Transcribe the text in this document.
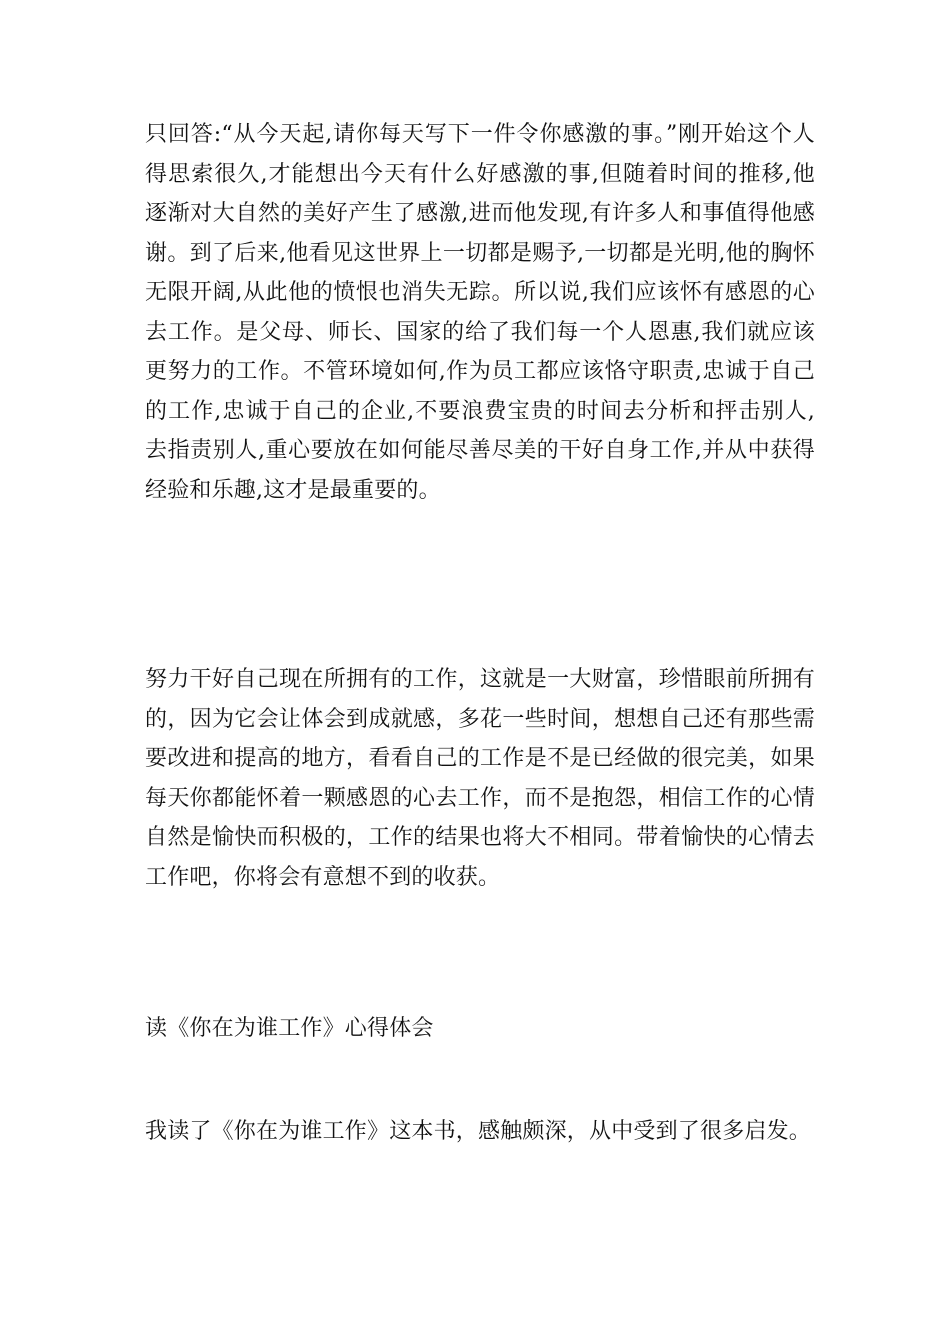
只回答:“从今天起,请你每天写下一件令你感激的事。”刚开始这个人
得思索很久,才能想出今天有什么好感激的事,但随着时间的推移,他
逐渐对大自然的美好产生了感激,进而他发现,有许多人和事值得他感
谢。到了后来,他看见这世界上一切都是赐予,一切都是光明,他的胸怀
无限开阔,从此他的愤恨也消失无踪。所以说,我们应该怀有感恩的心
去工作。是父母、师长、国家的给了我们每一个人恩惠,我们就应该
更努力的工作。不管环境如何,作为员工都应该恪守职责,忠诚于自己
的工作,忠诚于自己的企业,不要浪费宝贵的时间去分析和抨击别人,
去指责别人,重心要放在如何能尽善尽美的干好自身工作,并从中获得
经验和乐趣,这才是最重要的。

努力干好自己现在所拥有的工作，这就是一大财富，珍惜眼前所拥有
的，因为它会让体会到成就感，多花一些时间，想想自己还有那些需
要改进和提高的地方，看看自己的工作是不是已经做的很完美，如果
每天你都能怀着一颗感恩的心去工作，而不是抱怨，相信工作的心情
自然是愉快而积极的，工作的结果也将大不相同。带着愉快的心情去
工作吧，你将会有意想不到的收获。

读《你在为谁工作》心得体会

我读了《你在为谁工作》这本书，感触颇深，从中受到了很多启发。
